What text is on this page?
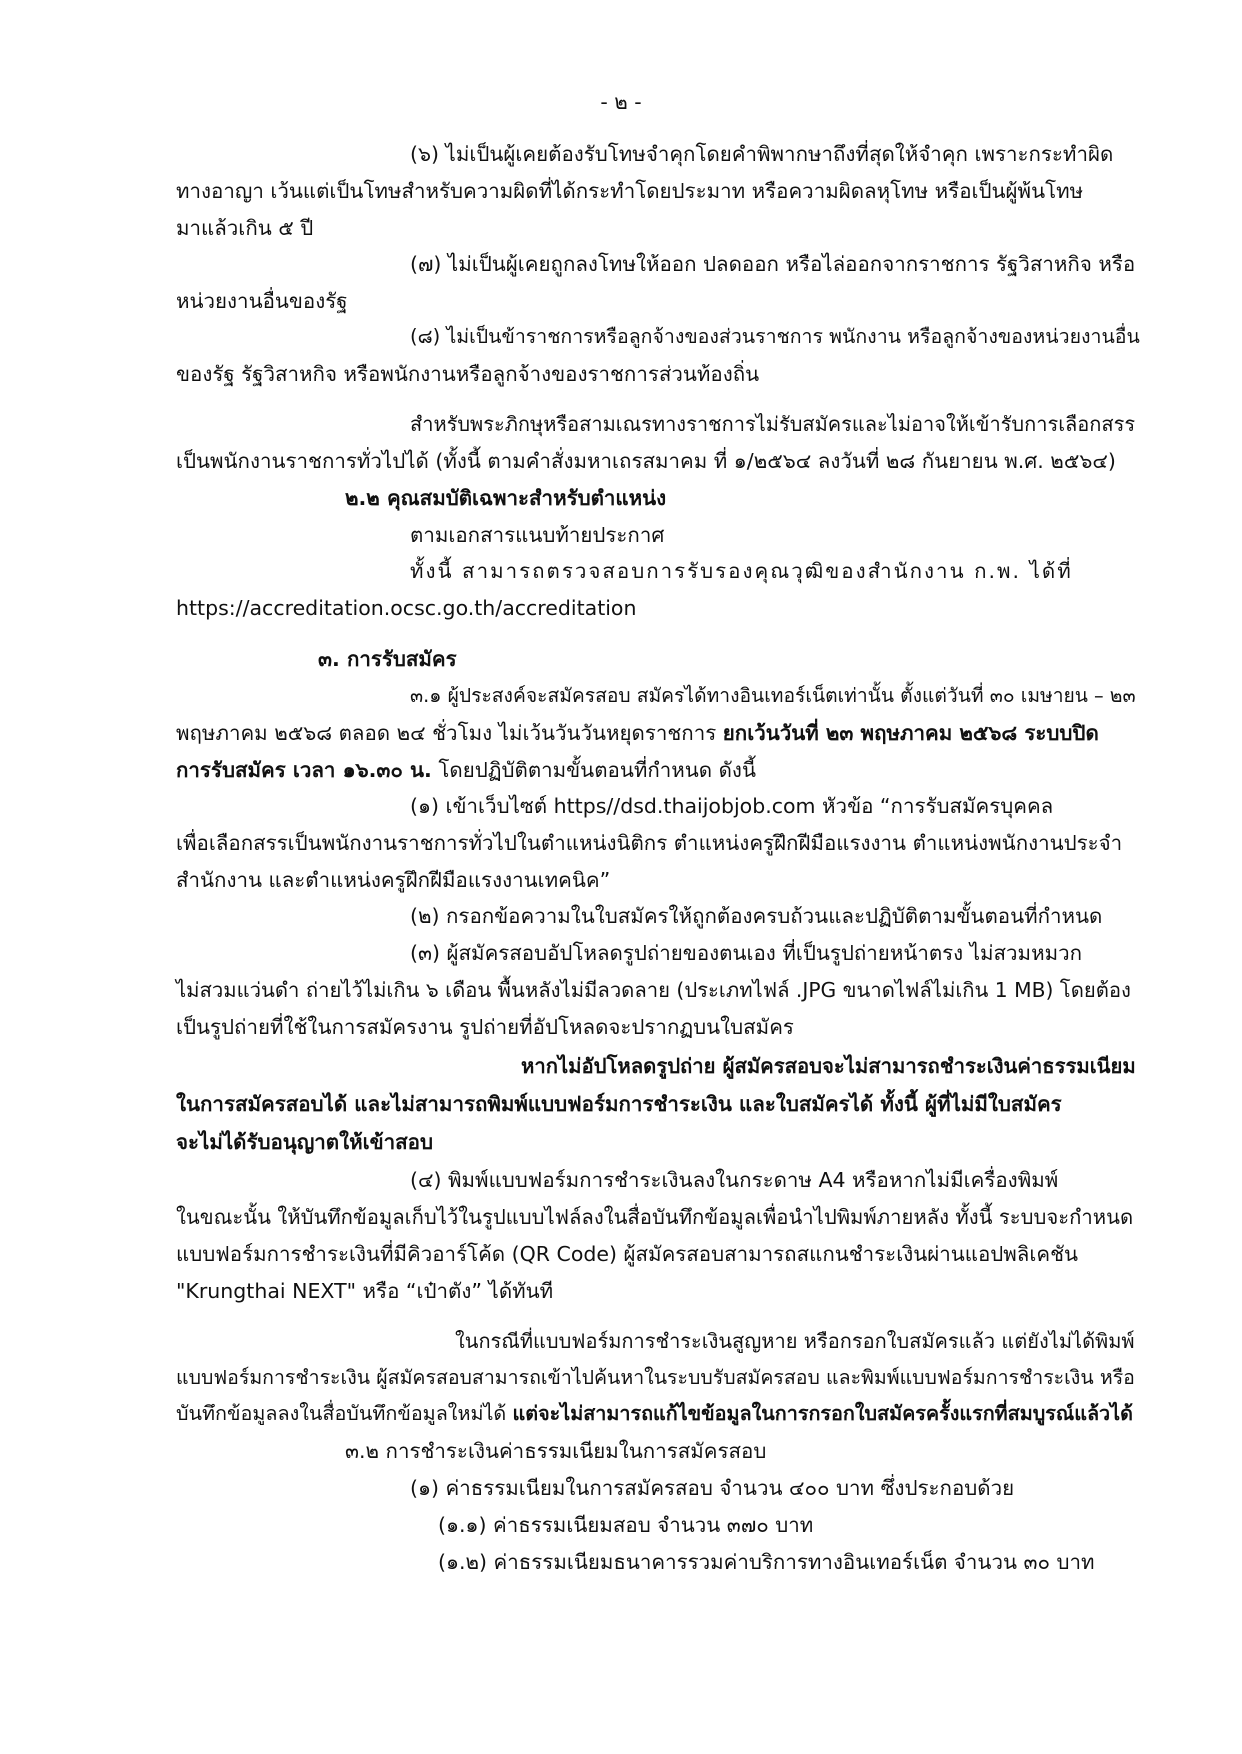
- ๒ -

(๖) ไม่เป็นผู้เคยต้องรับโทษจำคุกโดยคำพิพากษาถึงที่สุดให้จำคุก เพราะกระทำผิด

ทางอาญา เว้นแต่เป็นโทษสำหรับความผิดที่ได้กระทำโดยประมาท หรือความผิดลหุโทษ หรือเป็นผู้พ้นโทษ

มาแล้วเกิน ๕ ปี

(๗) ไม่เป็นผู้เคยถูกลงโทษให้ออก ปลดออก หรือไล่ออกจากราชการ รัฐวิสาหกิจ หรือ

หน่วยงานอื่นของรัฐ

(๘) ไม่เป็นข้าราชการหรือลูกจ้างของส่วนราชการ พนักงาน หรือลูกจ้างของหน่วยงานอื่น

ของรัฐ รัฐวิสาหกิจ หรือพนักงานหรือลูกจ้างของราชการส่วนท้องถิ่น

สำหรับพระภิกษุหรือสามเณรทางราชการไม่รับสมัครและไม่อาจให้เข้ารับการเลือกสรร

เป็นพนักงานราชการทั่วไปได้ (ทั้งนี้ ตามคำสั่งมหาเถรสมาคม ที่ ๑/๒๕๖๔ ลงวันที่ ๒๘ กันยายน พ.ศ. ๒๕๖๔)

๒.๒ คุณสมบัติเฉพาะสำหรับตำแหน่ง

ตามเอกสารแนบท้ายประกาศ

ทั้งนี้ สามารถตรวจสอบการรับรองคุณวุฒิของสำนักงาน ก.พ. ได้ที่

https://accreditation.ocsc.go.th/accreditation

๓. การรับสมัคร

๓.๑ ผู้ประสงค์จะสมัครสอบ สมัครได้ทางอินเทอร์เน็ตเท่านั้น ตั้งแต่วันที่ ๓๐ เมษายน – ๒๓

พฤษภาคม ๒๕๖๘ ตลอด ๒๔ ชั่วโมง ไม่เว้นวันวันหยุดราชการ ยกเว้นวันที่ ๒๓ พฤษภาคม ๒๕๖๘ ระบบปิด

การรับสมัคร เวลา ๑๖.๓๐ น. โดยปฏิบัติตามขั้นตอนที่กำหนด ดังนี้

(๑) เข้าเว็บไซต์ https//dsd.thaijobjob.com หัวข้อ “การรับสมัครบุคคล

เพื่อเลือกสรรเป็นพนักงานราชการทั่วไปในตำแหน่งนิติกร ตำแหน่งครูฝึกฝีมือแรงงาน ตำแหน่งพนักงานประจำ

สำนักงาน และตำแหน่งครูฝึกฝีมือแรงงานเทคนิค”

(๒) กรอกข้อความในใบสมัครให้ถูกต้องครบถ้วนและปฏิบัติตามขั้นตอนที่กำหนด

(๓) ผู้สมัครสอบอัปโหลดรูปถ่ายของตนเอง ที่เป็นรูปถ่ายหน้าตรง ไม่สวมหมวก

ไม่สวมแว่นดำ ถ่ายไว้ไม่เกิน ๖ เดือน พื้นหลังไม่มีลวดลาย (ประเภทไฟล์ .JPG ขนาดไฟล์ไม่เกิน 1 MB) โดยต้อง

เป็นรูปถ่ายที่ใช้ในการสมัครงาน รูปถ่ายที่อัปโหลดจะปรากฏบนใบสมัคร

หากไม่อัปโหลดรูปถ่าย ผู้สมัครสอบจะไม่สามารถชำระเงินค่าธรรมเนียม

ในการสมัครสอบได้ และไม่สามารถพิมพ์แบบฟอร์มการชำระเงิน และใบสมัครได้ ทั้งนี้ ผู้ที่ไม่มีใบสมัคร

จะไม่ได้รับอนุญาตให้เข้าสอบ

(๔) พิมพ์แบบฟอร์มการชำระเงินลงในกระดาษ A4 หรือหากไม่มีเครื่องพิมพ์

ในขณะนั้น ให้บันทึกข้อมูลเก็บไว้ในรูปแบบไฟล์ลงในสื่อบันทึกข้อมูลเพื่อนำไปพิมพ์ภายหลัง ทั้งนี้ ระบบจะกำหนด

แบบฟอร์มการชำระเงินที่มีคิวอาร์โค้ด (QR Code) ผู้สมัครสอบสามารถสแกนชำระเงินผ่านแอปพลิเคชัน

"Krungthai NEXT" หรือ “เป๋าตัง” ได้ทันที

ในกรณีที่แบบฟอร์มการชำระเงินสูญหาย หรือกรอกใบสมัครแล้ว แต่ยังไม่ได้พิมพ์

แบบฟอร์มการชำระเงิน ผู้สมัครสอบสามารถเข้าไปค้นหาในระบบรับสมัครสอบ และพิมพ์แบบฟอร์มการชำระเงิน หรือ

บันทึกข้อมูลลงในสื่อบันทึกข้อมูลใหม่ได้ แต่จะไม่สามารถแก้ไขข้อมูลในการกรอกใบสมัครครั้งแรกที่สมบูรณ์แล้วได้

๓.๒ การชำระเงินค่าธรรมเนียมในการสมัครสอบ

(๑) ค่าธรรมเนียมในการสมัครสอบ จำนวน ๔๐๐ บาท ซึ่งประกอบด้วย

(๑.๑) ค่าธรรมเนียมสอบ จำนวน ๓๗๐ บาท

(๑.๒) ค่าธรรมเนียมธนาคารรวมค่าบริการทางอินเทอร์เน็ต จำนวน ๓๐ บาท
